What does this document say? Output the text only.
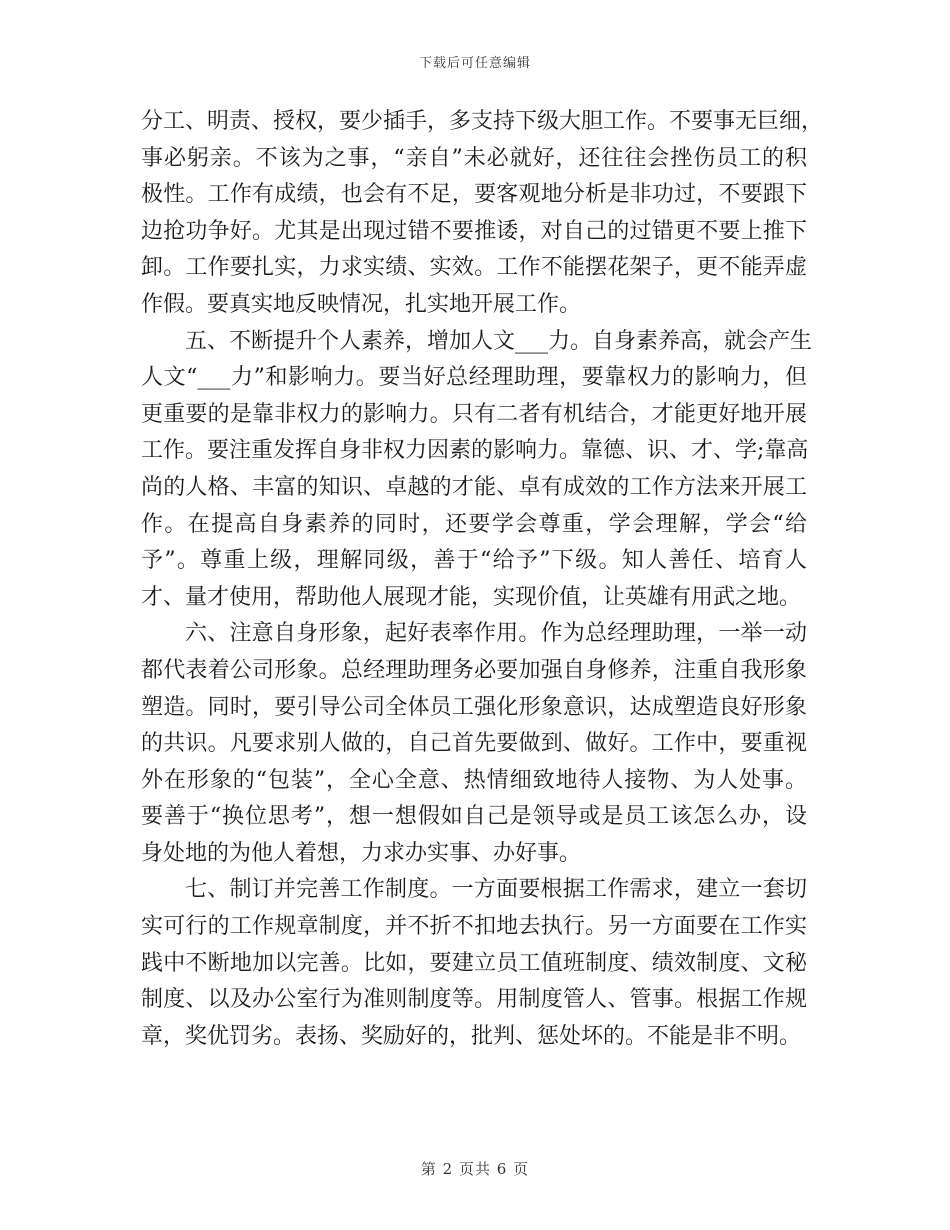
下载后可任意编辑
分工、明责、授权，要少插手，多支持下级大胆工作。不要事无巨细，
事必躬亲。不该为之事，“亲自”未必就好，还往往会挫伤员工的积
极性。工作有成绩，也会有不足，要客观地分析是非功过，不要跟下
边抢功争好。尤其是出现过错不要推诿，对自己的过错更不要上推下
卸。工作要扎实，力求实绩、实效。工作不能摆花架子，更不能弄虚
作假。要真实地反映情况，扎实地开展工作。
五、不断提升个人素养，增加人文___力。自身素养高，就会产生
人文“___力”和影响力。要当好总经理助理，要靠权力的影响力，但
更重要的是靠非权力的影响力。只有二者有机结合，才能更好地开展
工作。要注重发挥自身非权力因素的影响力。靠德、识、才、学;靠高
尚的人格、丰富的知识、卓越的才能、卓有成效的工作方法来开展工
作。在提高自身素养的同时，还要学会尊重，学会理解，学会“给
予”。尊重上级，理解同级，善于“给予”下级。知人善任、培育人
才、量才使用，帮助他人展现才能，实现价值，让英雄有用武之地。
六、注意自身形象，起好表率作用。作为总经理助理，一举一动
都代表着公司形象。总经理助理务必要加强自身修养，注重自我形象
塑造。同时，要引导公司全体员工强化形象意识，达成塑造良好形象
的共识。凡要求别人做的，自己首先要做到、做好。工作中，要重视
外在形象的“包装”，全心全意、热情细致地待人接物、为人处事。
要善于“换位思考”，想一想假如自己是领导或是员工该怎么办，设
身处地的为他人着想，力求办实事、办好事。
七、制订并完善工作制度。一方面要根据工作需求，建立一套切
实可行的工作规章制度，并不折不扣地去执行。另一方面要在工作实
践中不断地加以完善。比如，要建立员工值班制度、绩效制度、文秘
制度、以及办公室行为准则制度等。用制度管人、管事。根据工作规
章，奖优罚劣。表扬、奖励好的，批判、惩处坏的。不能是非不明。
第 2 页共 6 页
